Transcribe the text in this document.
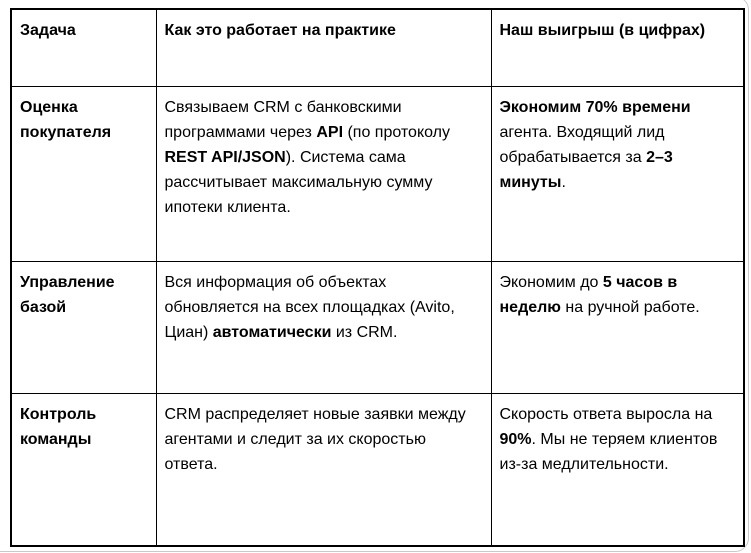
Задача	Как это работает на практике	Наш выигрыш (в цифрах)
Оценка покупателя	Связываем CRM с банковскими программами через API (по протоколу REST API/JSON). Система сама рассчитывает максимальную сумму ипотеки клиента.	Экономим 70% времени агента. Входящий лид обрабатывается за 2–3 минуты.
Управление базой	Вся информация об объектах обновляется на всех площадках (Avito, Циан) автоматически из CRM.	Экономим до 5 часов в неделю на ручной работе.
Контроль команды	CRM распределяет новые заявки между агентами и следит за их скоростью ответа.	Скорость ответа выросла на 90%. Мы не теряем клиентов из-за медлительности.
